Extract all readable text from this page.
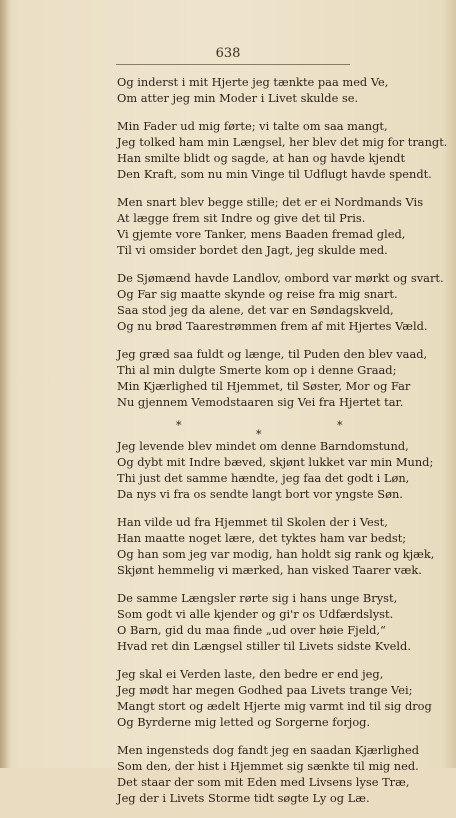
638
Og inderst i mit Hjerte jeg tænkte paa med Ve,
Om atter jeg min Moder i Livet skulde se.
Min Fader ud mig førte; vi talte om saa mangt,
Jeg tolked ham min Længsel, her blev det mig for trangt.
Han smilte blidt og sagde, at han og havde kjendt
Den Kraft, som nu min Vinge til Udflugt havde spendt.
Men snart blev begge stille; det er ei Nordmands Vis
At lægge frem sit Indre og give det til Pris.
Vi gjemte vore Tanker, mens Baaden fremad gled,
Til vi omsider bordet den Jagt, jeg skulde med.
De Sjømænd havde Landlov, ombord var mørkt og svart.
Og Far sig maatte skynde og reise fra mig snart.
Saa stod jeg da alene, det var en Søndagskveld,
Og nu brød Taarestrømmen frem af mit Hjertes Væld.
Jeg græd saa fuldt og længe, til Puden den blev vaad,
Thi al min dulgte Smerte kom op i denne Graad;
Min Kjærlighed til Hjemmet, til Søster, Mor og Far
Nu gjennem Vemodstaaren sig Vei fra Hjertet tar.
*
*
*
Jeg levende blev mindet om denne Barndomstund,
Og dybt mit Indre bæved, skjønt lukket var min Mund;
Thi just det samme hændte, jeg faa det godt i Løn,
Da nys vi fra os sendte langt bort vor yngste Søn.
Han vilde ud fra Hjemmet til Skolen der i Vest,
Han maatte noget lære, det tyktes ham var bedst;
Og han som jeg var modig, han holdt sig rank og kjæk,
Skjønt hemmelig vi mærked, han visked Taarer væk.
De samme Længsler rørte sig i hans unge Bryst,
Som godt vi alle kjender og gi'r os Udfærdslyst.
O Barn, gid du maa finde „ud over høie Fjeld,“
Hvad ret din Længsel stiller til Livets sidste Kveld.
Jeg skal ei Verden laste, den bedre er end jeg,
Jeg mødt har megen Godhed paa Livets trange Vei;
Mangt stort og ædelt Hjerte mig varmt ind til sig drog
Og Byrderne mig letted og Sorgerne forjog.
Men ingensteds dog fandt jeg en saadan Kjærlighed
Som den, der hist i Hjemmet sig sænkte til mig ned.
Det staar der som mit Eden med Livsens lyse Træ,
Jeg der i Livets Storme tidt søgte Ly og Læ.
